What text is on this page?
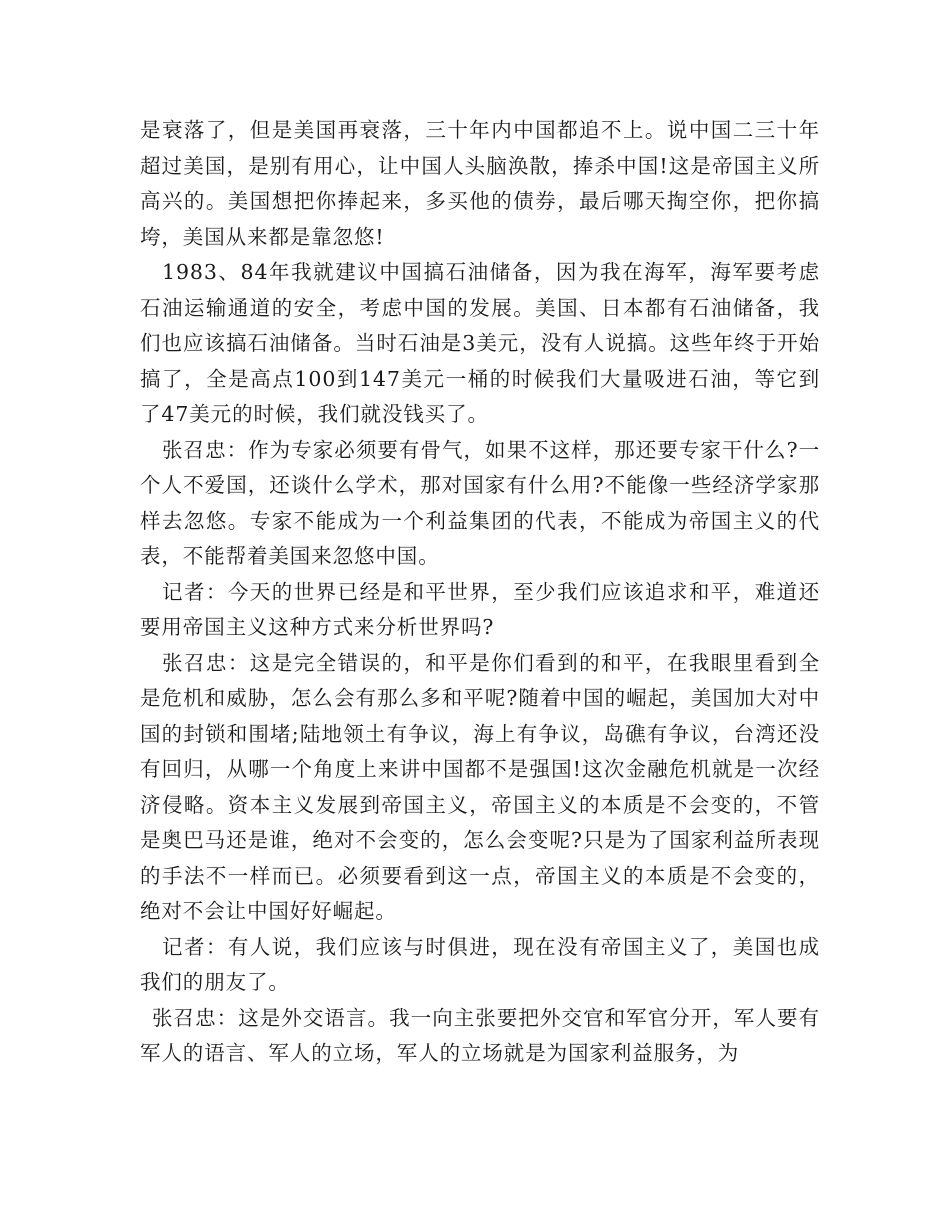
是衰落了，但是美国再衰落，三十年内中国都追不上。说中国二三十年超过美国，是别有用心，让中国人头脑涣散，捧杀中国!这是帝国主义所高兴的。美国想把你捧起来，多买他的债券，最后哪天掏空你，把你搞垮，美国从来都是靠忽悠!

1983、84年我就建议中国搞石油储备，因为我在海军，海军要考虑石油运输通道的安全，考虑中国的发展。美国、日本都有石油储备，我们也应该搞石油储备。当时石油是3美元，没有人说搞。这些年终于开始搞了，全是高点100到147美元一桶的时候我们大量吸进石油，等它到了47美元的时候，我们就没钱买了。

张召忠：作为专家必须要有骨气，如果不这样，那还要专家干什么?一个人不爱国，还谈什么学术，那对国家有什么用?不能像一些经济学家那样去忽悠。专家不能成为一个利益集团的代表，不能成为帝国主义的代表，不能帮着美国来忽悠中国。

记者：今天的世界已经是和平世界，至少我们应该追求和平，难道还要用帝国主义这种方式来分析世界吗?

张召忠：这是完全错误的，和平是你们看到的和平，在我眼里看到全是危机和威胁，怎么会有那么多和平呢?随着中国的崛起，美国加大对中国的封锁和围堵;陆地领土有争议，海上有争议，岛礁有争议，台湾还没有回归，从哪一个角度上来讲中国都不是强国!这次金融危机就是一次经济侵略。资本主义发展到帝国主义，帝国主义的本质是不会变的，不管是奥巴马还是谁，绝对不会变的，怎么会变呢?只是为了国家利益所表现的手法不一样而已。必须要看到这一点，帝国主义的本质是不会变的，绝对不会让中国好好崛起。

记者：有人说，我们应该与时俱进，现在没有帝国主义了，美国也成我们的朋友了。

张召忠：这是外交语言。我一向主张要把外交官和军官分开，军人要有军人的语言、军人的立场，军人的立场就是为国家利益服务，为
